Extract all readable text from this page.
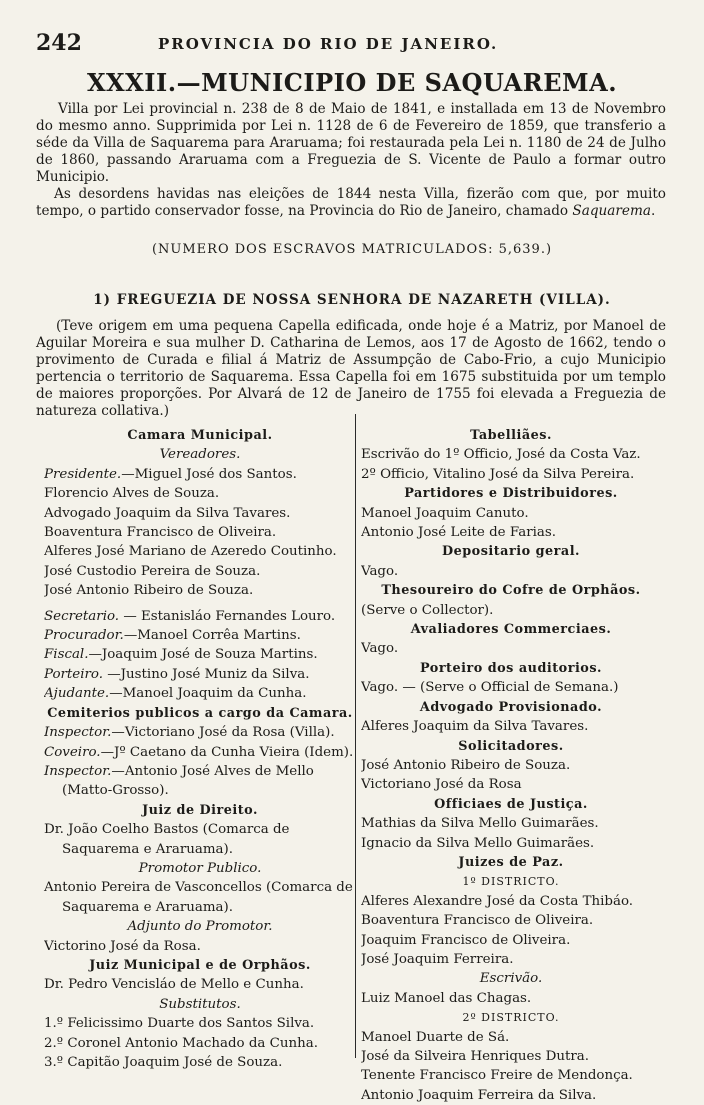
242	PROVINCIA DO RIO DE JANEIRO.
XXXII.—MUNICIPIO DE SAQUAREMA.

Villa por Lei provincial n. 238 de 8 de Maio de 1841, e installada em 13 de Novembro do mesmo anno. Supprimida por Lei n. 1128 de 6 de Fevereiro de 1859, que transferio a séde da Villa de Saquarema para Araruama; foi restaurada pela Lei n. 1180 de 24 de Julho de 1860, passando Araruama com a Freguezia de S. Vicente de Paulo a formar outro Municipio.

As desordens havidas nas eleições de 1844 nesta Villa, fizerão com que, por muito tempo, o partido conservador fosse, na Provincia do Rio de Janeiro, chamado Saquarema.

(NUMERO DOS ESCRAVOS MATRICULADOS: 5,639.)
1) FREGUEZIA DE NOSSA SENHORA DE NAZARETH (VILLA).

(Teve origem em uma pequena Capella edificada, onde hoje é a Matriz, por Manoel de Aguilar Moreira e sua mulher D. Catharina de Lemos, aos 17 de Agosto de 1662, tendo o provimento de Curada e filial á Matriz de Assumpção de Cabo-Frio, a cujo Municipio pertencia o territorio de Saquarema. Essa Capella foi em 1675 substituida por um templo de maiores proporções. Por Alvará de 12 de Janeiro de 1755 foi elevada a Freguezia de natureza collativa.)

Camara Municipal.
Vereadores.
Presidente.—Miguel José dos Santos.
Florencio Alves de Souza.
Advogado Joaquim da Silva Tavares.
Boaventura Francisco de Oliveira.
Alferes José Mariano de Azeredo Coutinho.
José Custodio Pereira de Souza.
José Antonio Ribeiro de Souza.
Secretario. — Estanisláo Fernandes Louro.
Procurador.—Manoel Corrêa Martins.
Fiscal.—Joaquim José de Souza Martins.
Porteiro. —Justino José Muniz da Silva.
Ajudante.—Manoel Joaquim da Cunha.
Cemiterios publicos a cargo da Camara.
Inspector.—Victoriano José da Rosa (Villa).
Coveiro.—Jº Caetano da Cunha Vieira (Idem).
Inspector.—Antonio José Alves de Mello (Matto-Grosso).
Juiz de Direito.
Dr. João Coelho Bastos (Comarca de Saquarema e Araruama).
Promotor Publico.
Antonio Pereira de Vasconcellos (Comarca de Saquarema e Araruama).
Adjunto do Promotor.
Victorino José da Rosa.
Juiz Municipal e de Orphãos.
Dr. Pedro Vencisláo de Mello e Cunha.
Substitutos.
1.º Felicissimo Duarte dos Santos Silva.
2.º Coronel Antonio Machado da Cunha.
3.º Capitão Joaquim José de Souza.
Tabelliães.
Escrivão do 1º Officio, José da Costa Vaz.
2º Officio, Vitalino José da Silva Pereira.
Partidores e Distribuidores.
Manoel Joaquim Canuto.
Antonio José Leite de Farias.
Depositario geral.
Vago.
Thesoureiro do Cofre de Orphãos.
(Serve o Collector).
Avaliadores Commerciaes.
Vago.
Porteiro dos auditorios.
Vago. — (Serve o Official de Semana.)
Advogado Provisionado.
Alferes Joaquim da Silva Tavares.
Solicitadores.
José Antonio Ribeiro de Souza.
Victoriano José da Rosa
Officiaes de Justiça.
Mathias da Silva Mello Guimarães.
Ignacio da Silva Mello Guimarães.
Juizes de Paz.
1º DISTRICTO.
Alferes Alexandre José da Costa Thibáo.
Boaventura Francisco de Oliveira.
Joaquim Francisco de Oliveira.
José Joaquim Ferreira.
Escrivão.
Luiz Manoel das Chagas.
2º DISTRICTO.
Manoel Duarte de Sá.
José da Silveira Henriques Dutra.
Tenente Francisco Freire de Mendonça.
Antonio Joaquim Ferreira da Silva.
